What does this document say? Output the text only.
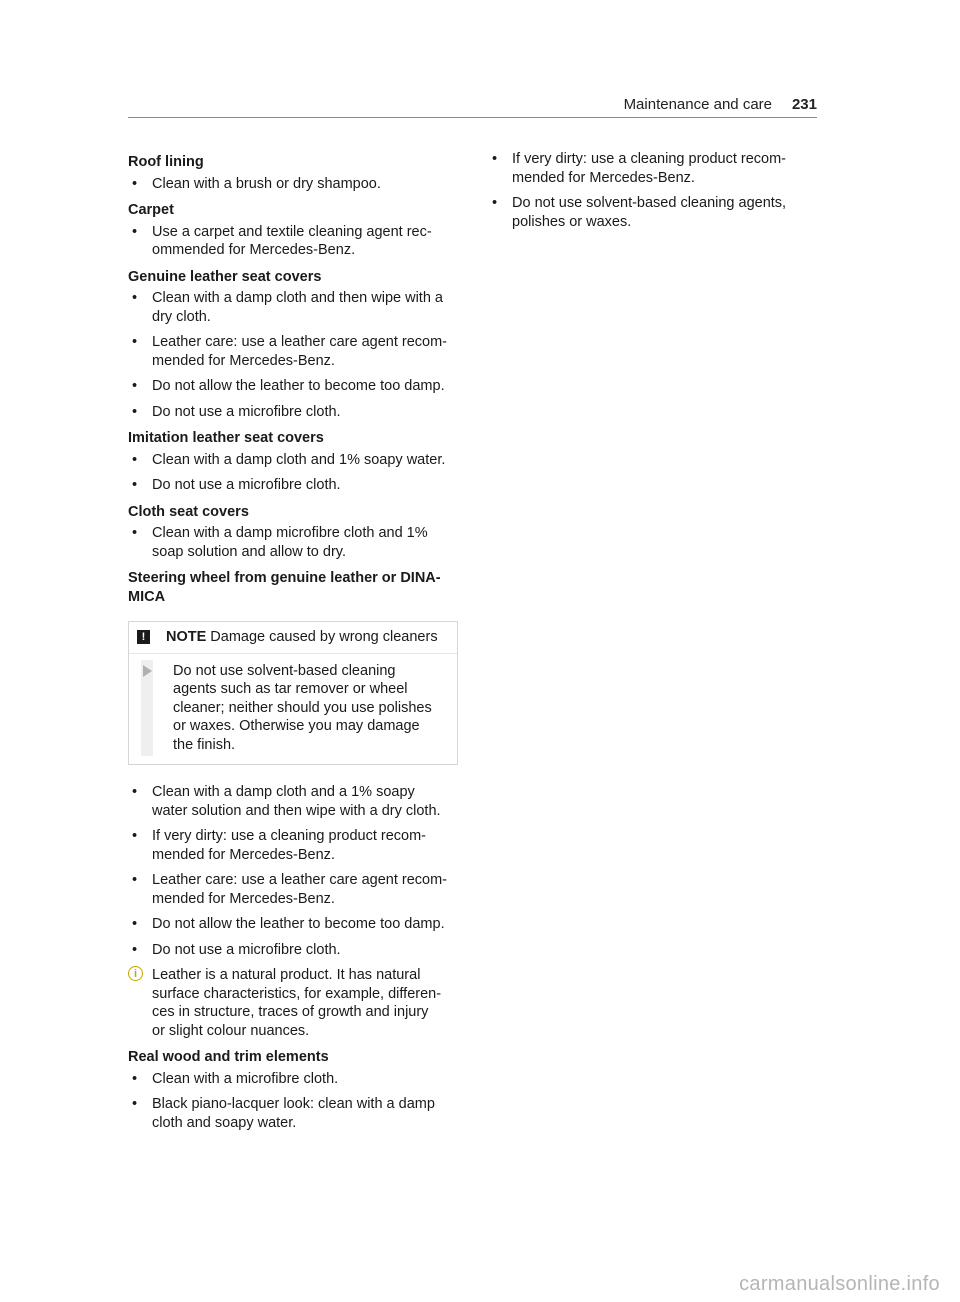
Maintenance and care 231
Roof lining
• Clean with a brush or dry shampoo.
Carpet
• Use a carpet and textile cleaning agent rec-
ommended for Mercedes-Benz.
Genuine leather seat covers
• Clean with a damp cloth and then wipe with a
dry cloth.
• Leather care: use a leather care agent recom-
mended for Mercedes-Benz.
• Do not allow the leather to become too damp.
• Do not use a microfibre cloth.
Imitation leather seat covers
• Clean with a damp cloth and 1% soapy water.
• Do not use a microfibre cloth.
Cloth seat covers
• Clean with a damp microfibre cloth and 1%
soap solution and allow to dry.
Steering wheel from genuine leather or DINA-
MICA
!	NOTE Damage caused by wrong cleaners
Do not use solvent-based cleaning
agents such as tar remover or wheel
cleaner; neither should you use polishes
or waxes. Otherwise you may damage
the finish.
• Clean with a damp cloth and a 1% soapy
water solution and then wipe with a dry cloth.
• If very dirty: use a cleaning product recom-
mended for Mercedes-Benz.
• Leather care: use a leather care agent recom-
mended for Mercedes-Benz.
• Do not allow the leather to become too damp.
• Do not use a microfibre cloth.
i	Leather is a natural product. It has natural
surface characteristics, for example, differen-
ces in structure, traces of growth and injury
or slight colour nuances.
Real wood and trim elements
• Clean with a microfibre cloth.
• Black piano-lacquer look: clean with a damp
cloth and soapy water.
• If very dirty: use a cleaning product recom-
mended for Mercedes-Benz.
• Do not use solvent-based cleaning agents,
polishes or waxes.
carmanualsonline.info
